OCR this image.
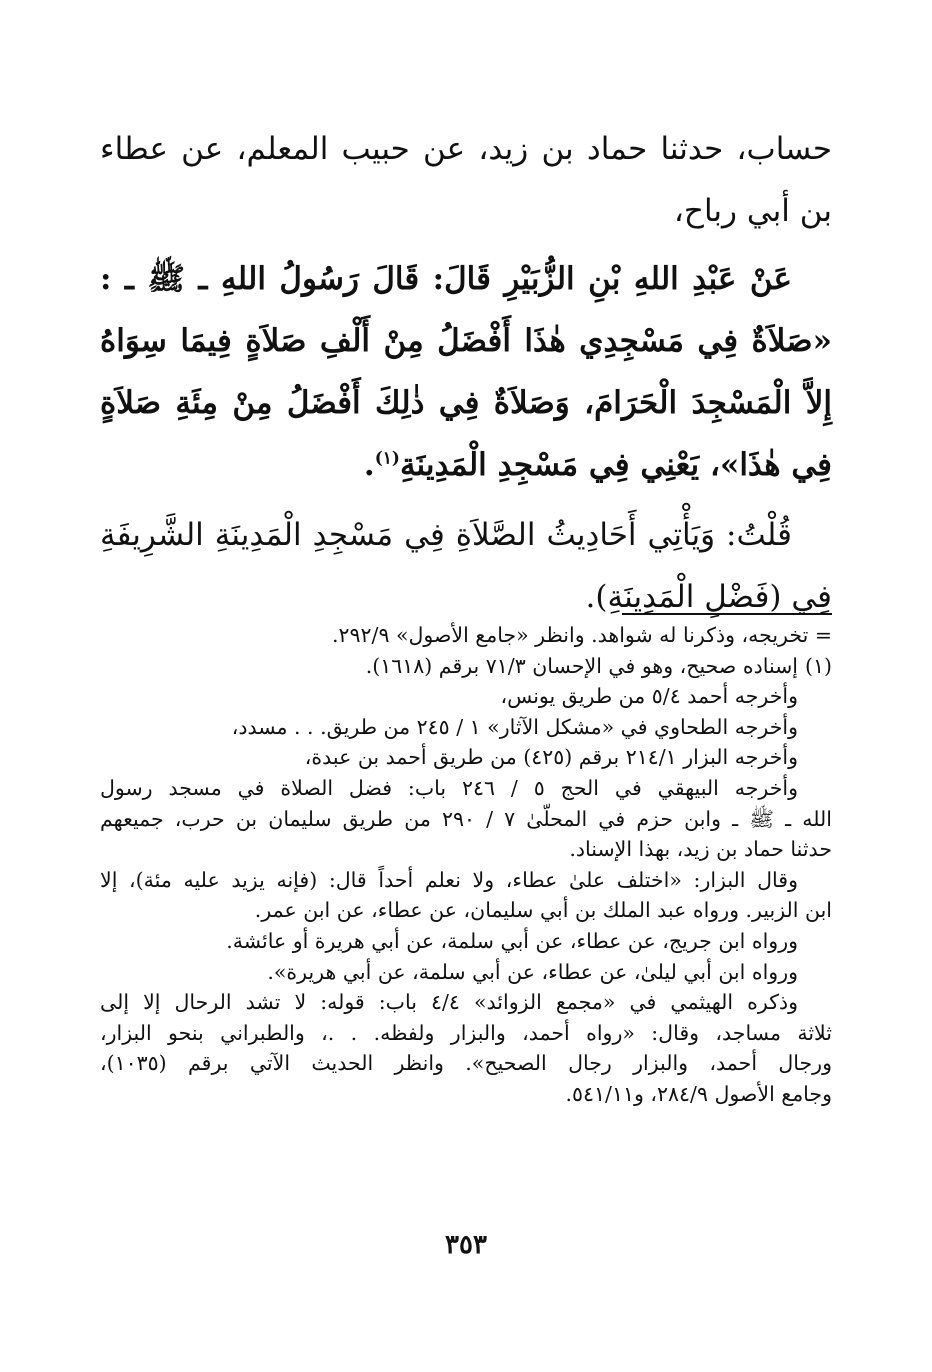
حساب، حدثنا حماد بن زيد، عن حبيب المعلم، عن عطاء بن أبي رباح،

عَنْ عَبْدِ اللهِ بْنِ الزُّبَيْرِ قَالَ: قَالَ رَسُولُ اللهِ ـ ﷺ ـ : «صَلاَةٌ فِي مَسْجِدِي هٰذَا أَفْضَلُ مِنْ أَلْفِ صَلاَةٍ فِيمَا سِوَاهُ إِلاَّ الْمَسْجِدَ الْحَرَامَ، وَصَلاَةٌ فِي ذٰلِكَ أَفْضَلُ مِنْ مِئَةِ صَلاَةٍ فِي هٰذَا»، يَعْنِي فِي مَسْجِدِ الْمَدِينَةِ$^{(١)}$.

قُلْتُ: وَيَأْتِي أَحَادِيثُ الصَّلاَةِ فِي مَسْجِدِ الْمَدِينَةِ الشَّرِيفَةِ فِي (فَضْلِ الْمَدِينَةِ).

= تخريجه، وذكرنا له شواهد. وانظر «جامع الأصول» ٢٩٢/٩.
(١)إسناده صحيح، وهو في الإحسان ٧١/٣ برقم (١٦١٨).
وأخرجه أحمد ٥/٤ من طريق يونس،
وأخرجه الطحاوي في «مشكل الآثار» ١ / ٢٤٥ من طريق. . . مسدد،
وأخرجه البزار ٢١٤/١ برقم (٤٢٥) من طريق أحمد بن عبدة،
وأخرجه البيهقي في الحج ٥ / ٢٤٦ باب: فضل الصلاة في مسجد رسول
الله ـ ﷺ ـ وابن حزم في المحلّىٰ ٧ / ٢٩٠ من طريق سليمان بن حرب، جميعهم
حدثنا حماد بن زيد، بهذا الإسناد.
وقال البزار: «اختلف علىٰ عطاء، ولا نعلم أحداً قال: (فإنه يزيد عليه مئة)، إلا
ابن الزبير. ورواه عبد الملك بن أبي سليمان، عن عطاء، عن ابن عمر.
ورواه ابن جريج، عن عطاء، عن أبي سلمة، عن أبي هريرة أو عائشة.
ورواه ابن أبي ليلىٰ، عن عطاء، عن أبي سلمة، عن أبي هريرة».
وذكره الهيثمي في «مجمع الزوائد» ٤/٤ باب: قوله: لا تشد الرحال إلا إلى
ثلاثة مساجد، وقال: «رواه أحمد، والبزار ولفظه. . .، والطبراني بنحو البزار،
ورجال أحمد، والبزار رجال الصحيح». وانظر الحديث الآتي برقم (١٠٣٥)،
وجامع الأصول ٢٨٤/٩، و٥٤١/١١.
٣٥٣
